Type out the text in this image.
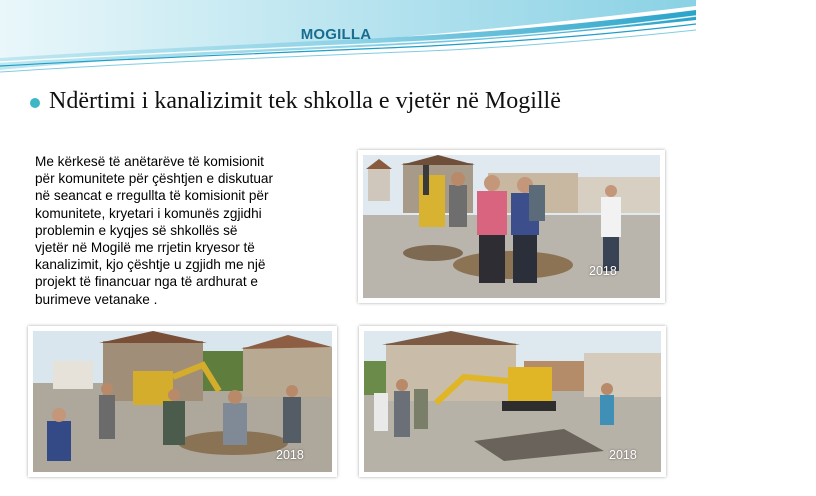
MOGILLA
Ndërtimi i kanalizimit tek shkolla e vjetër në Mogillë
Me kërkesë të anëtarëve të komisionit
për komunitete për çështjen e diskutuar
në seancat e rregullta të komisionit për
komunitete, kryetari i komunës zgjidhi
problemin e kyqjes së shkollës së
vjetër në Mogilë me rrjetin kryesor të
kanalizimit, kjo çështje u zgjidh me një
projekt të financuar nga të ardhurat e
burimeve vetanake .
2018
2018	2018
